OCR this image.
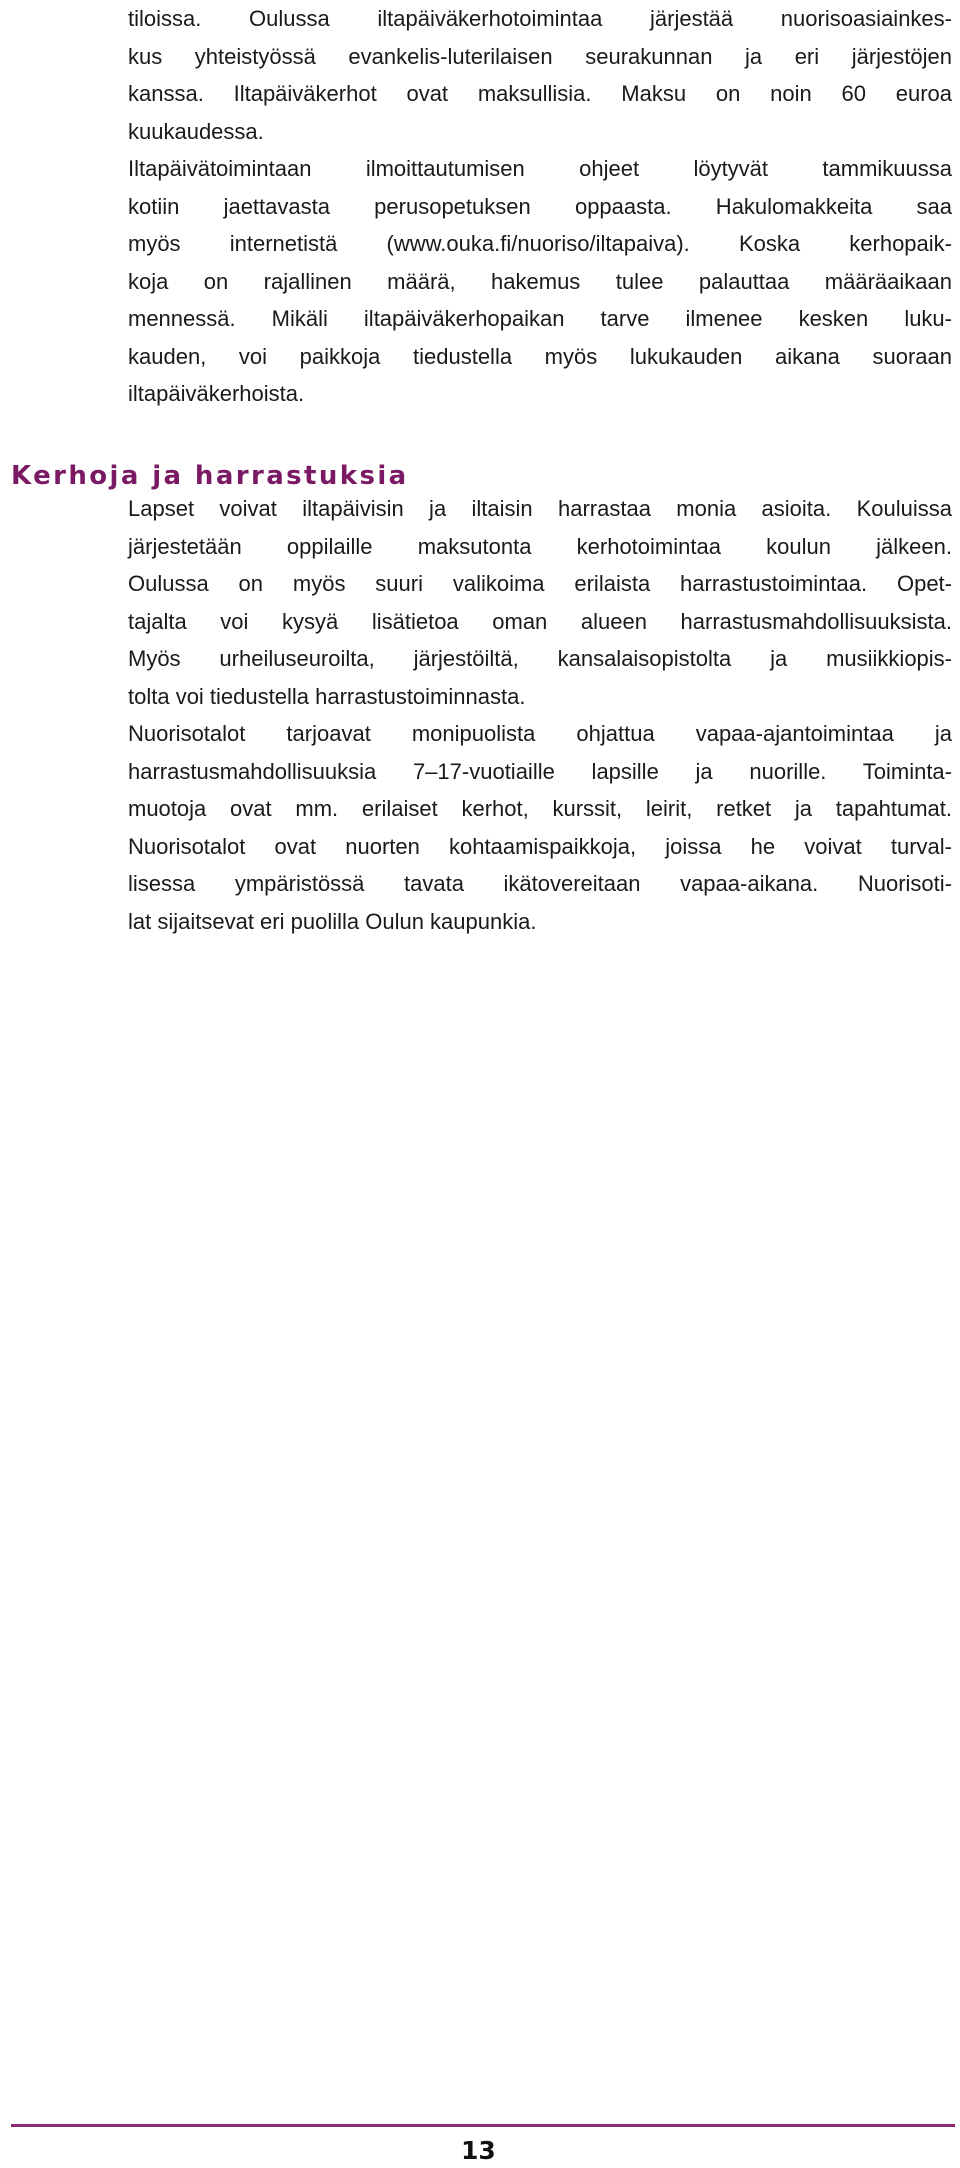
tiloissa. Oulussa iltapäiväkerhotoimintaa järjestää nuorisoasiainkes-
kus yhteistyössä evankelis-luterilaisen seurakunnan ja eri järjestöjen
kanssa. Iltapäiväkerhot ovat maksullisia. Maksu on noin 60 euroa
kuukaudessa.
Iltapäivätoimintaan ilmoittautumisen ohjeet löytyvät tammikuussa
kotiin jaettavasta perusopetuksen oppaasta. Hakulomakkeita saa
myös internetistä (www.ouka.fi/nuoriso/iltapaiva). Koska kerhopaik-
koja on rajallinen määrä, hakemus tulee palauttaa määräaikaan
mennessä. Mikäli iltapäiväkerhopaikan tarve ilmenee kesken luku-
kauden, voi paikkoja tiedustella myös lukukauden aikana suoraan
iltapäiväkerhoista.
Kerhoja ja harrastuksia
Lapset voivat iltapäivisin ja iltaisin harrastaa monia asioita. Kouluissa
järjestetään oppilaille maksutonta kerhotoimintaa koulun jälkeen.
Oulussa on myös suuri valikoima erilaista harrastustoimintaa. Opet-
tajalta voi kysyä lisätietoa oman alueen harrastusmahdollisuuksista.
Myös urheiluseuroilta, järjestöiltä, kansalaisopistolta ja musiikkiopis-
tolta voi tiedustella harrastustoiminnasta.
Nuorisotalot tarjoavat monipuolista ohjattua vapaa-ajantoimintaa ja
harrastusmahdollisuuksia 7–17-vuotiaille lapsille ja nuorille. Toiminta-
muotoja ovat mm. erilaiset kerhot, kurssit, leirit, retket ja tapahtumat.
Nuorisotalot ovat nuorten kohtaamispaikkoja, joissa he voivat turval-
lisessa ympäristössä tavata ikätovereitaan vapaa-aikana. Nuorisoti-
lat sijaitsevat eri puolilla Oulun kaupunkia.
13
